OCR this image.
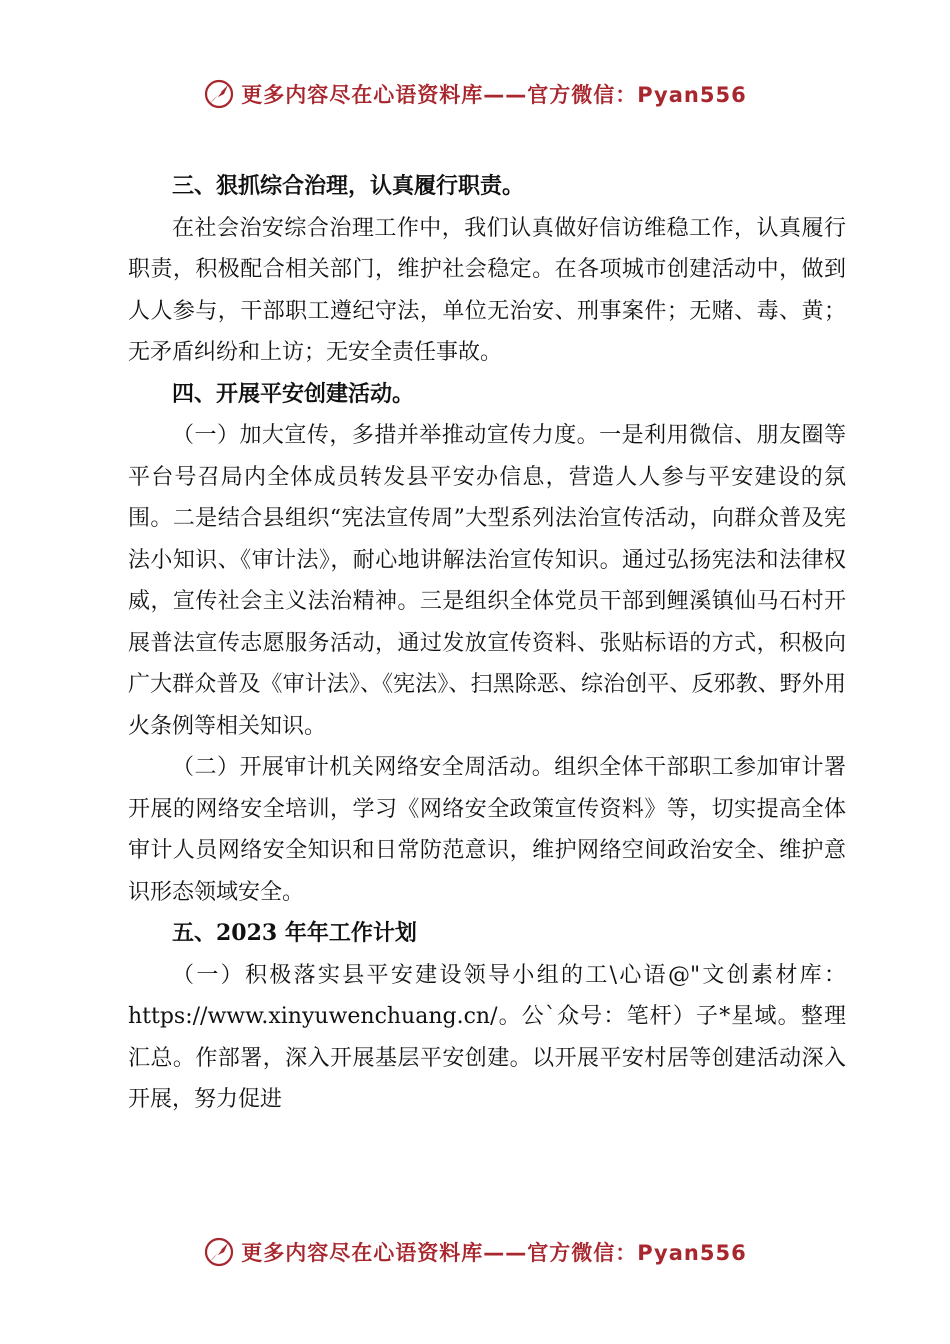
更多内容尽在心语资料库——官方微信：Pyan556

三、狠抓综合治理，认真履行职责。

在社会治安综合治理工作中，我们认真做好信访维稳工作，认真履行职责，积极配合相关部门，维护社会稳定。在各项城市创建活动中，做到人人参与，干部职工遵纪守法，单位无治安、刑事案件；无赌、毒、黄；无矛盾纠纷和上访；无安全责任事故。

四、开展平安创建活动。

（一）加大宣传，多措并举推动宣传力度。一是利用微信、朋友圈等平台号召局内全体成员转发县平安办信息，营造人人参与平安建设的氛围。二是结合县组织“宪法宣传周”大型系列法治宣传活动，向群众普及宪法小知识、《审计法》，耐心地讲解法治宣传知识。通过弘扬宪法和法律权威，宣传社会主义法治精神。三是组织全体党员干部到鲤溪镇仙马石村开展普法宣传志愿服务活动，通过发放宣传资料、张贴标语的方式，积极向广大群众普及《审计法》、《宪法》、扫黑除恶、综治创平、反邪教、野外用火条例等相关知识。

（二）开展审计机关网络安全周活动。组织全体干部职工参加审计署开展的网络安全培训，学习《网络安全政策宣传资料》等，切实提高全体审计人员网络安全知识和日常防范意识，维护网络空间政治安全、维护意识形态领域安全。

五、2023 年年工作计划

（一）积极落实县平安建设领导小组的工\心语@"文创素材库：https://www.xinyuwenchuang.cn/。公`众号：笔杆）子*星域。整理汇总。作部署，深入开展基层平安创建。以开展平安村居等创建活动深入开展，努力促进

更多内容尽在心语资料库——官方微信：Pyan556
